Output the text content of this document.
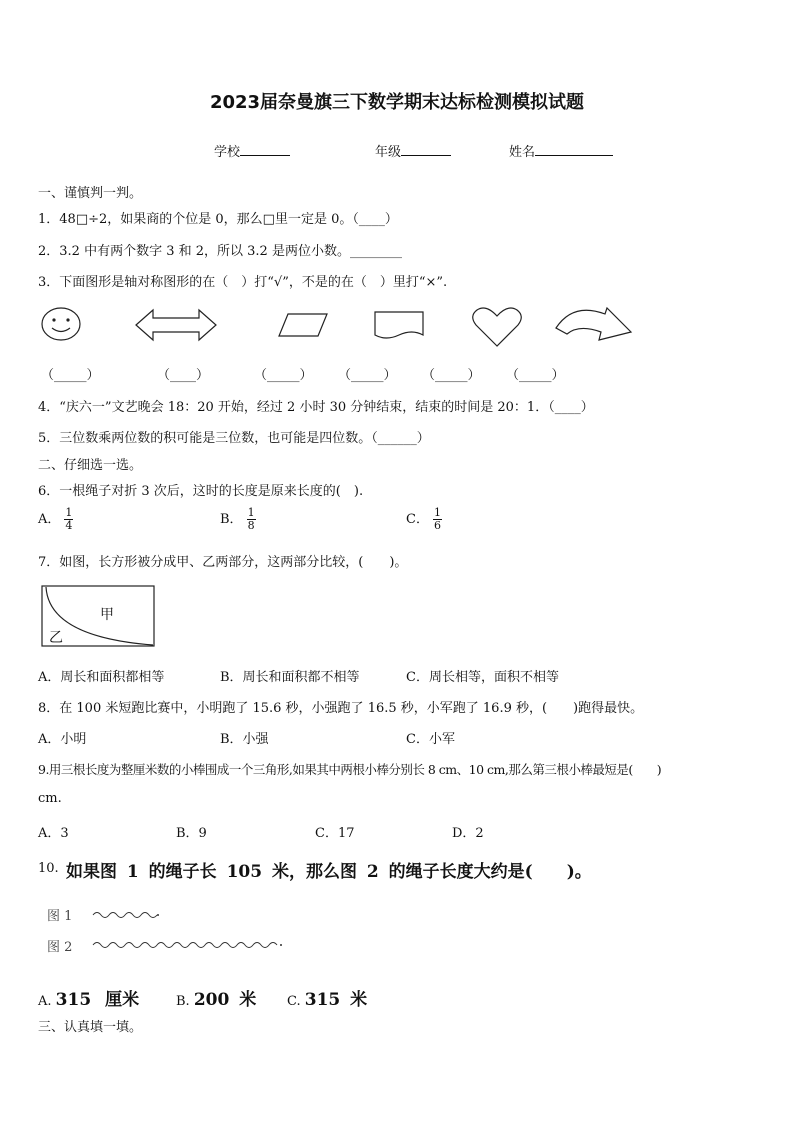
2023届奈曼旗三下数学期末达标检测模拟试题
学校	年级	姓名
一、谨慎判一判。
1．48□÷2，如果商的个位是 0，那么□里一定是 0。（____）
2．3.2 中有两个数字 3 和 2，所以 3.2 是两位小数。________
3．下面图形是轴对称图形的在（　）打“√”，不是的在（　）里打“×”.
（_____）	（____）	（_____） （_____） （_____） （_____）
4．“庆六一”文艺晚会 18：20 开始，经过 2 小时 30 分钟结束，结束的时间是 20：1．（____）
5．三位数乘两位数的积可能是三位数，也可能是四位数。（______）
二、仔细选一选。
6．一根绳子对折 3 次后，这时的长度是原来长度的(　).
A． $\frac{1}{4}$	B． $\frac{1}{8}$	C． $\frac{1}{6}$
7．如图，长方形被分成甲、乙两部分，这两部分比较，(　　)。
甲
乙
A．周长和面积都相等	B．周长和面积都不相等	C．周长相等，面积不相等
8．在 100 米短跑比赛中，小明跑了 15.6 秒，小强跑了 16.5 秒，小军跑了 16.9 秒，(　　)跑得最快。
A．小明	B．小强	C．小军
9.用三根长度为整厘米数的小棒围成一个三角形,如果其中两根小棒分别长 8 cm、10 cm,那么第三根小棒最短是(　　)
cm.
A．3	B．9	C．17	D．2
10. 如果图 1 的绳子长 105 米，那么图 2 的绳子长度大约是(　　)。
图 1
图 2
A. 315 厘米	B. 200 米 C. 315 米
三、认真填一填。
